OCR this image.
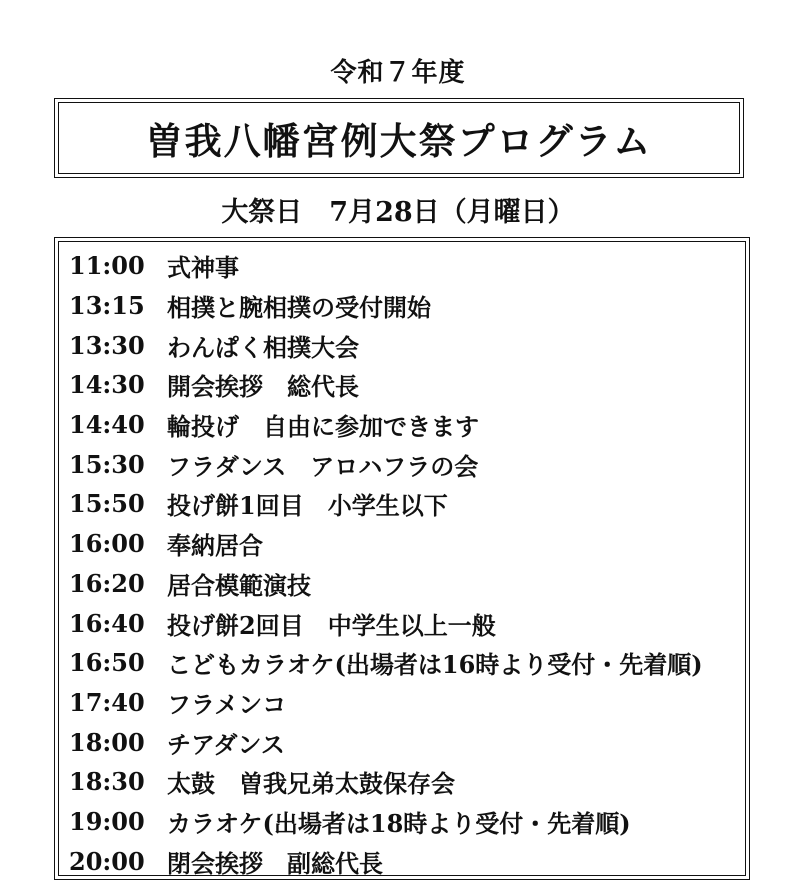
令和７年度
曽我八幡宮例大祭プログラム
大祭日　7月28日（月曜日）
11:00 式神事
13:15 相撲と腕相撲の受付開始
13:30 わんぱく相撲大会
14:30 開会挨拶　総代長
14:40 輪投げ　自由に参加できます
15:30 フラダンス　アロハフラの会
15:50 投げ餅1回目　小学生以下
16:00 奉納居合
16:20 居合模範演技
16:40 投げ餅2回目　中学生以上一般
16:50 こどもカラオケ(出場者は16時より受付・先着順)
17:40 フラメンコ
18:00 チアダンス
18:30 太鼓　曽我兄弟太鼓保存会
19:00 カラオケ(出場者は18時より受付・先着順)
20:00 閉会挨拶　副総代長
